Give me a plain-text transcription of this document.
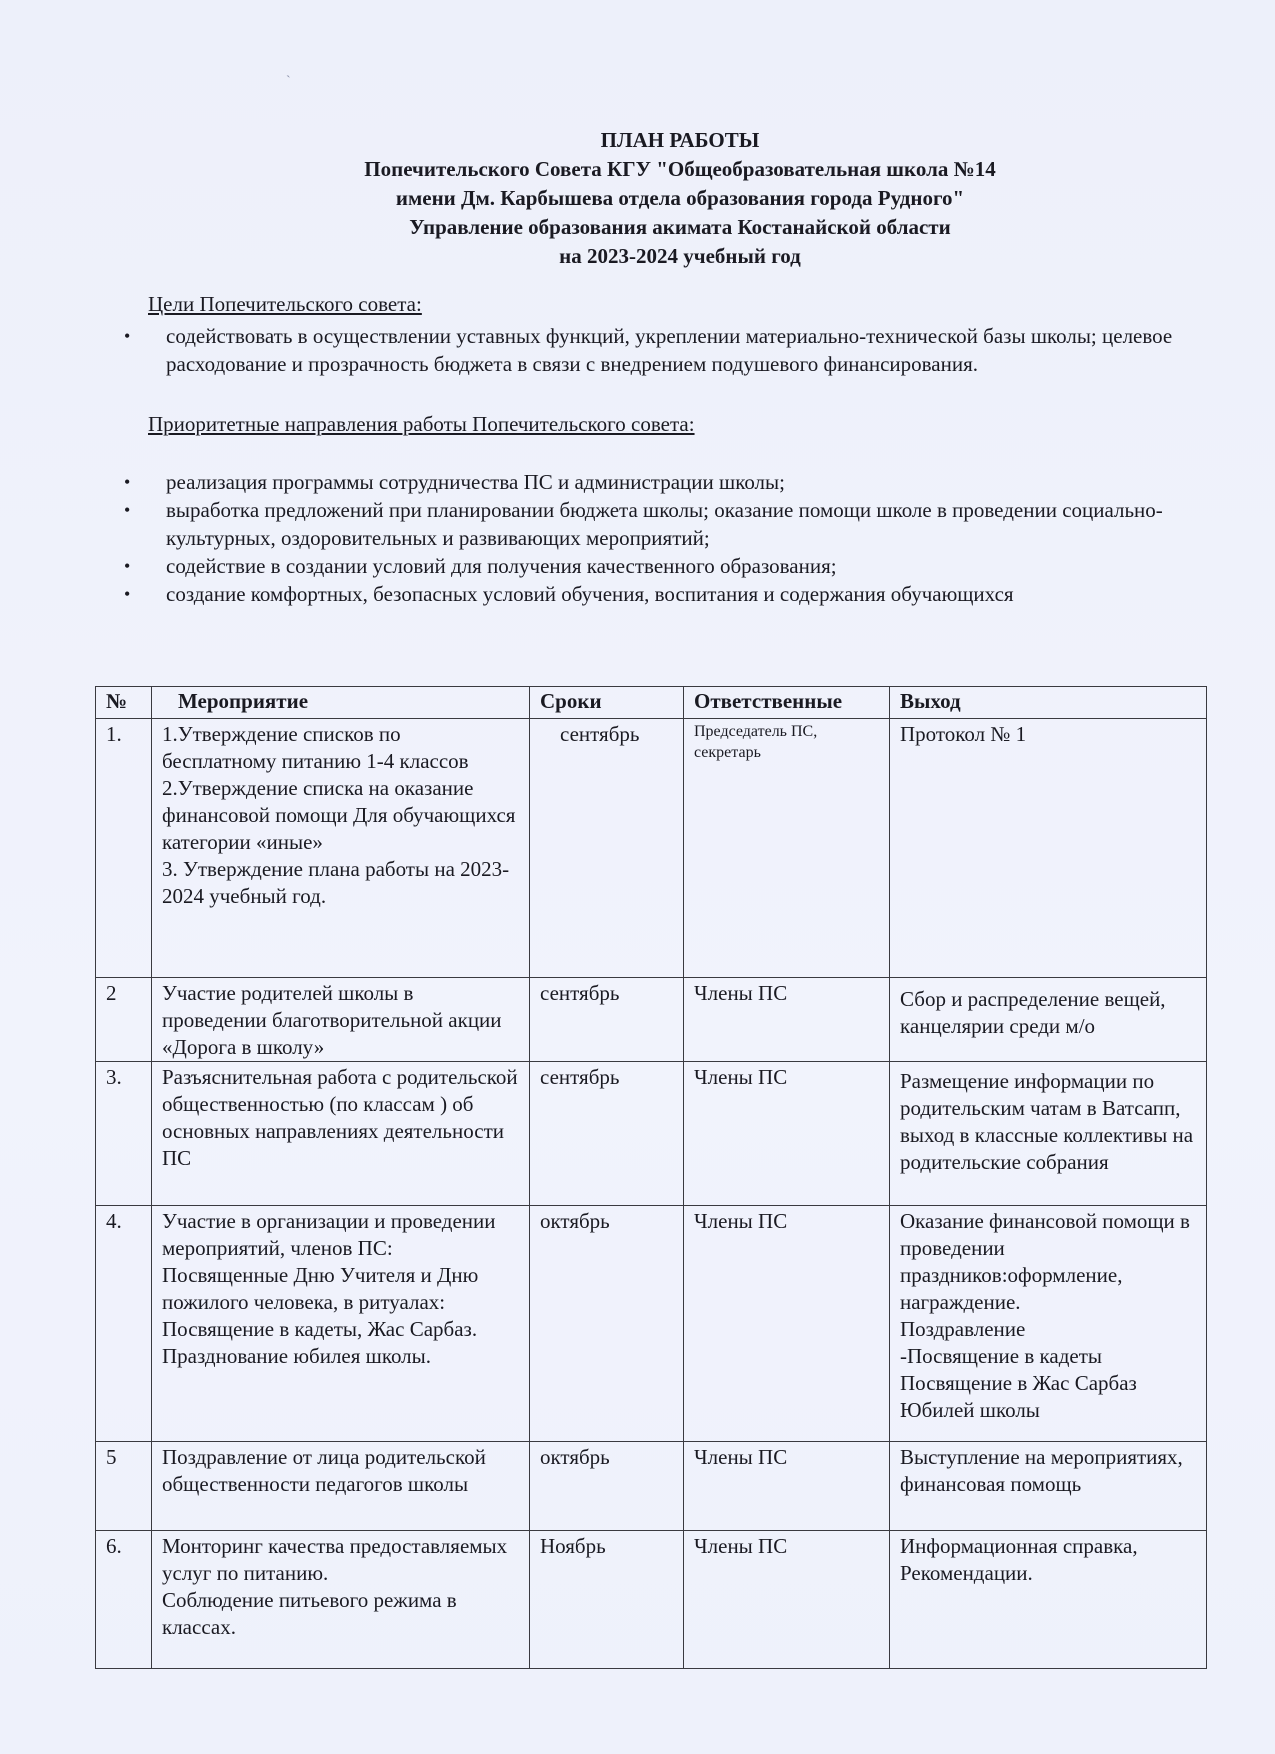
ˋ
ПЛАН РАБОТЫ
Попечительского Совета КГУ "Общеобразовательная школа №14
имени Дм. Карбышева отдела образования города Рудного"
Управление образования акимата Костанайской области
на 2023-2024 учебный год
Цели Попечительского совета:
• содействовать в осуществлении уставных функций, укреплении материально-технической базы школы; целевое расходование и прозрачность бюджета в связи с внедрением подушевого финансирования.
Приоритетные направления работы Попечительского совета:
• реализация программы сотрудничества ПС и администрации школы;
• выработка предложений при планировании бюджета школы; оказание помощи школе в проведении социально-культурных, оздоровительных и развивающих мероприятий;
• содействие в создании условий для получения качественного образования;
• создание комфортных, безопасных условий обучения, воспитания и содержания обучающихся
№	Мероприятие	Сроки	Ответственные	Выход
1.	1.Утверждение списков по бесплатному питанию 1-4 классов
2.Утверждение списка на оказание финансовой помощи Для обучающихся категории «иные»
3. Утверждение плана работы на 2023-2024 учебный год.	сентябрь	Председатель ПС, секретарь	Протокол № 1
2	Участие родителей школы в проведении благотворительной акции «Дорога в школу»	сентябрь	Члены ПС	Сбор и распределение вещей, канцелярии среди м/о
3.	Разъяснительная работа с родительской общественностью (по классам ) об основных направлениях деятельности ПС	сентябрь	Члены ПС	Размещение информации по родительским чатам в Ватсапп, выход в классные коллективы на родительские собрания
4.	Участие в организации и проведении мероприятий, членов ПС: Посвященные Дню Учителя и Дню пожилого человека, в ритуалах: Посвящение в кадеты, Жас Сарбаз.
Празднование юбилея школы.	октябрь	Члены ПС	Оказание финансовой помощи в проведении праздников:оформление, награждение.
Поздравление
-Посвящение в кадеты
Посвящение в Жас Сарбаз
Юбилей школы
5	Поздравление от лица родительской общественности педагогов школы	октябрь	Члены ПС	Выступление на мероприятиях, финансовая помощь
6.	Монторинг качества предоставляемых услуг по питанию.
Соблюдение питьевого режима в классах.	Ноябрь	Члены ПС	Информационная справка, Рекомендации.
